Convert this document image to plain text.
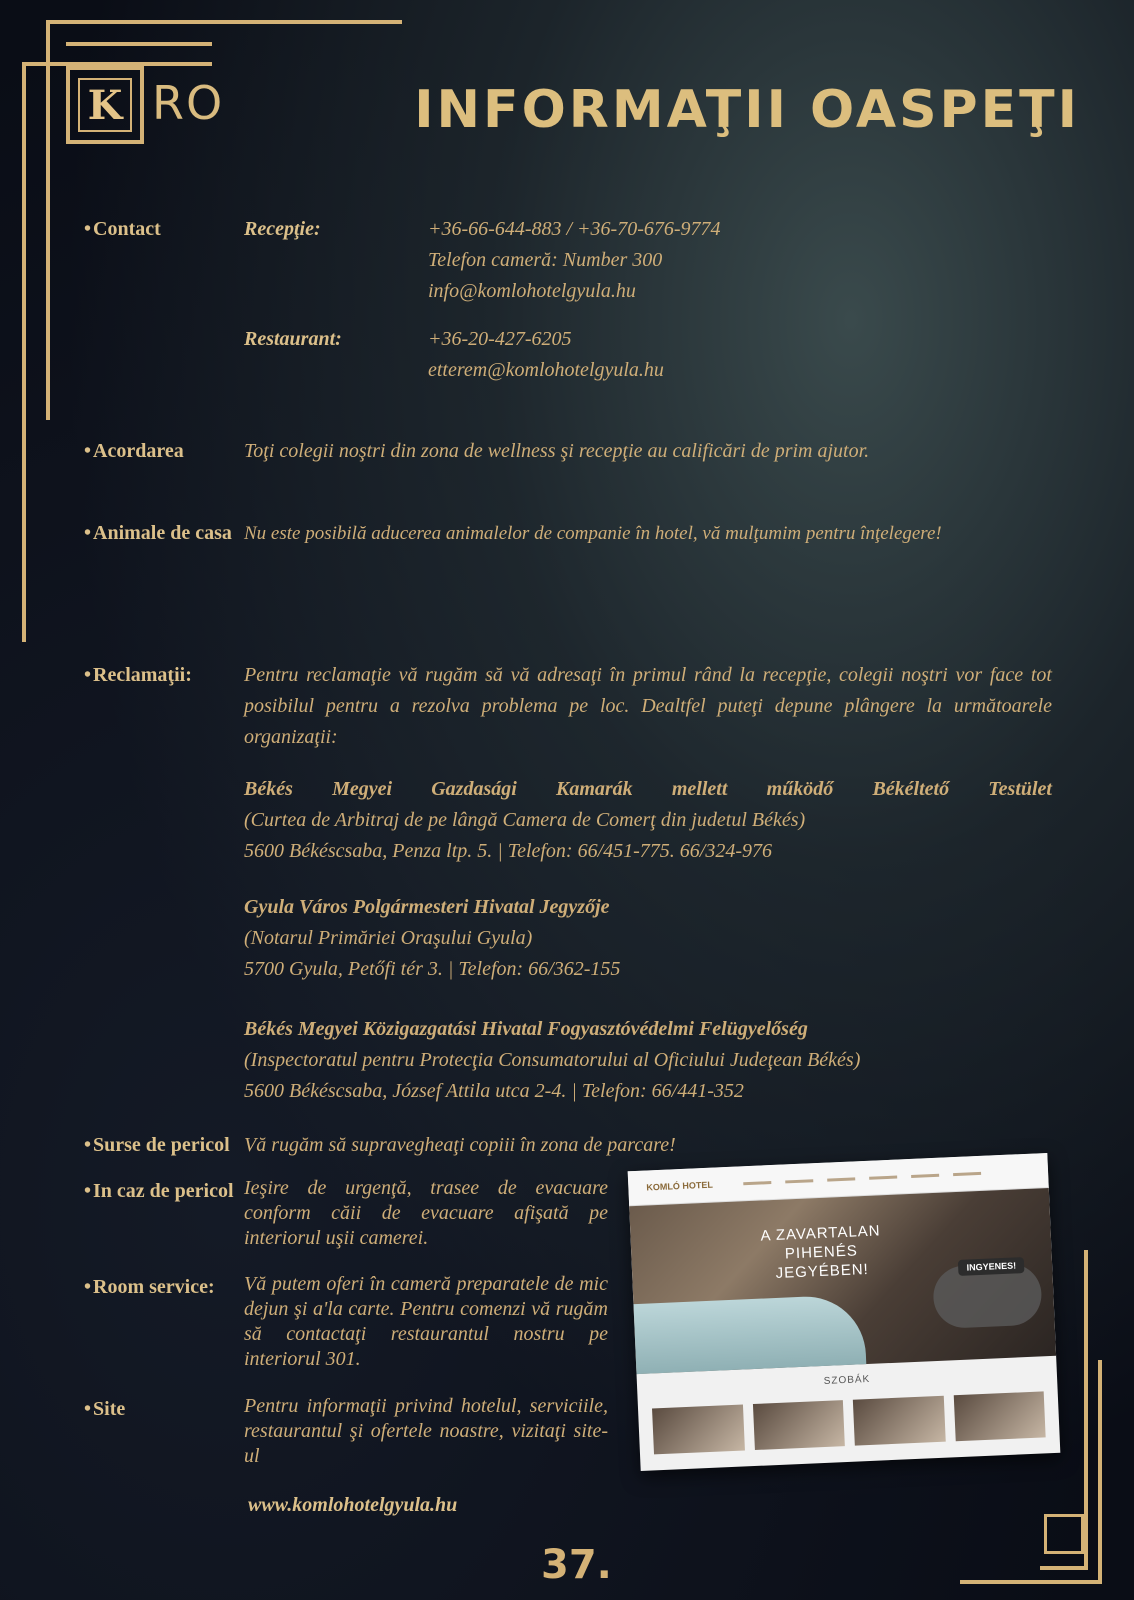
K RO	INFORMAŢII OASPEŢI
• Contact	Recepţie:	+36-66-644-883 / +36-70-676-9774
Telefon cameră: Number 300
info@komlohotelgyula.hu
Restaurant:	+36-20-427-6205
etterem@komlohotelgyula.hu
• Acordarea	Toţi colegii noştri din zona de wellness şi recepţie au calificări de prim ajutor.
• Animale de casa Nu este posibilă aducerea animalelor de companie în hotel, vă mulţumim pentru înţelegere!
• Reclamaţii:	Pentru reclamaţie vă rugăm să vă adresaţi în primul rând la recepţie, colegii noştri vor face tot posibilul pentru a rezolva problema pe loc. Dealtfel puteţi depune plângere la următoarele organizaţii:
Békés Megyei Gazdasági Kamarák mellett működő Békéltető Testület
(Curtea de Arbitraj de pe lângă Camera de Comerţ din judetul Békés)
5600 Békéscsaba, Penza ltp. 5. | Telefon: 66/451-775. 66/324-976
Gyula Város Polgármesteri Hivatal Jegyzője
(Notarul Primăriei Oraşului Gyula)
5700 Gyula, Petőfi tér 3. | Telefon: 66/362-155
Békés Megyei Közigazgatási Hivatal Fogyasztóvédelmi Felügyelőség
(Inspectoratul pentru Protecţia Consumatorului al Oficiului Judeţean Békés)
5600 Békéscsaba, József Attila utca 2-4. | Telefon: 66/441-352
• Surse de pericol Vă rugăm să supravegheaţi copiii în zona de parcare!
• In caz de pericol Ieşire de urgenţă, trasee de evacuare conform căii de evacuare afişată pe interiorul uşii camerei.
• Room service: Vă putem oferi în cameră preparatele de mic dejun şi a'la carte. Pentru comenzi vă rugăm să contactaţi restaurantul nostru pe interiorul 301.
• Site	Pentru informaţii privind hotelul, serviciile, restaurantul şi ofertele noastre, vizitaţi site-ul
www.komlohotelgyula.hu
KOMLÓ HOTEL
A ZAVARTALAN PIHENÉS JEGYÉBEN!	INGYENES!
SZOBÁK
37.
